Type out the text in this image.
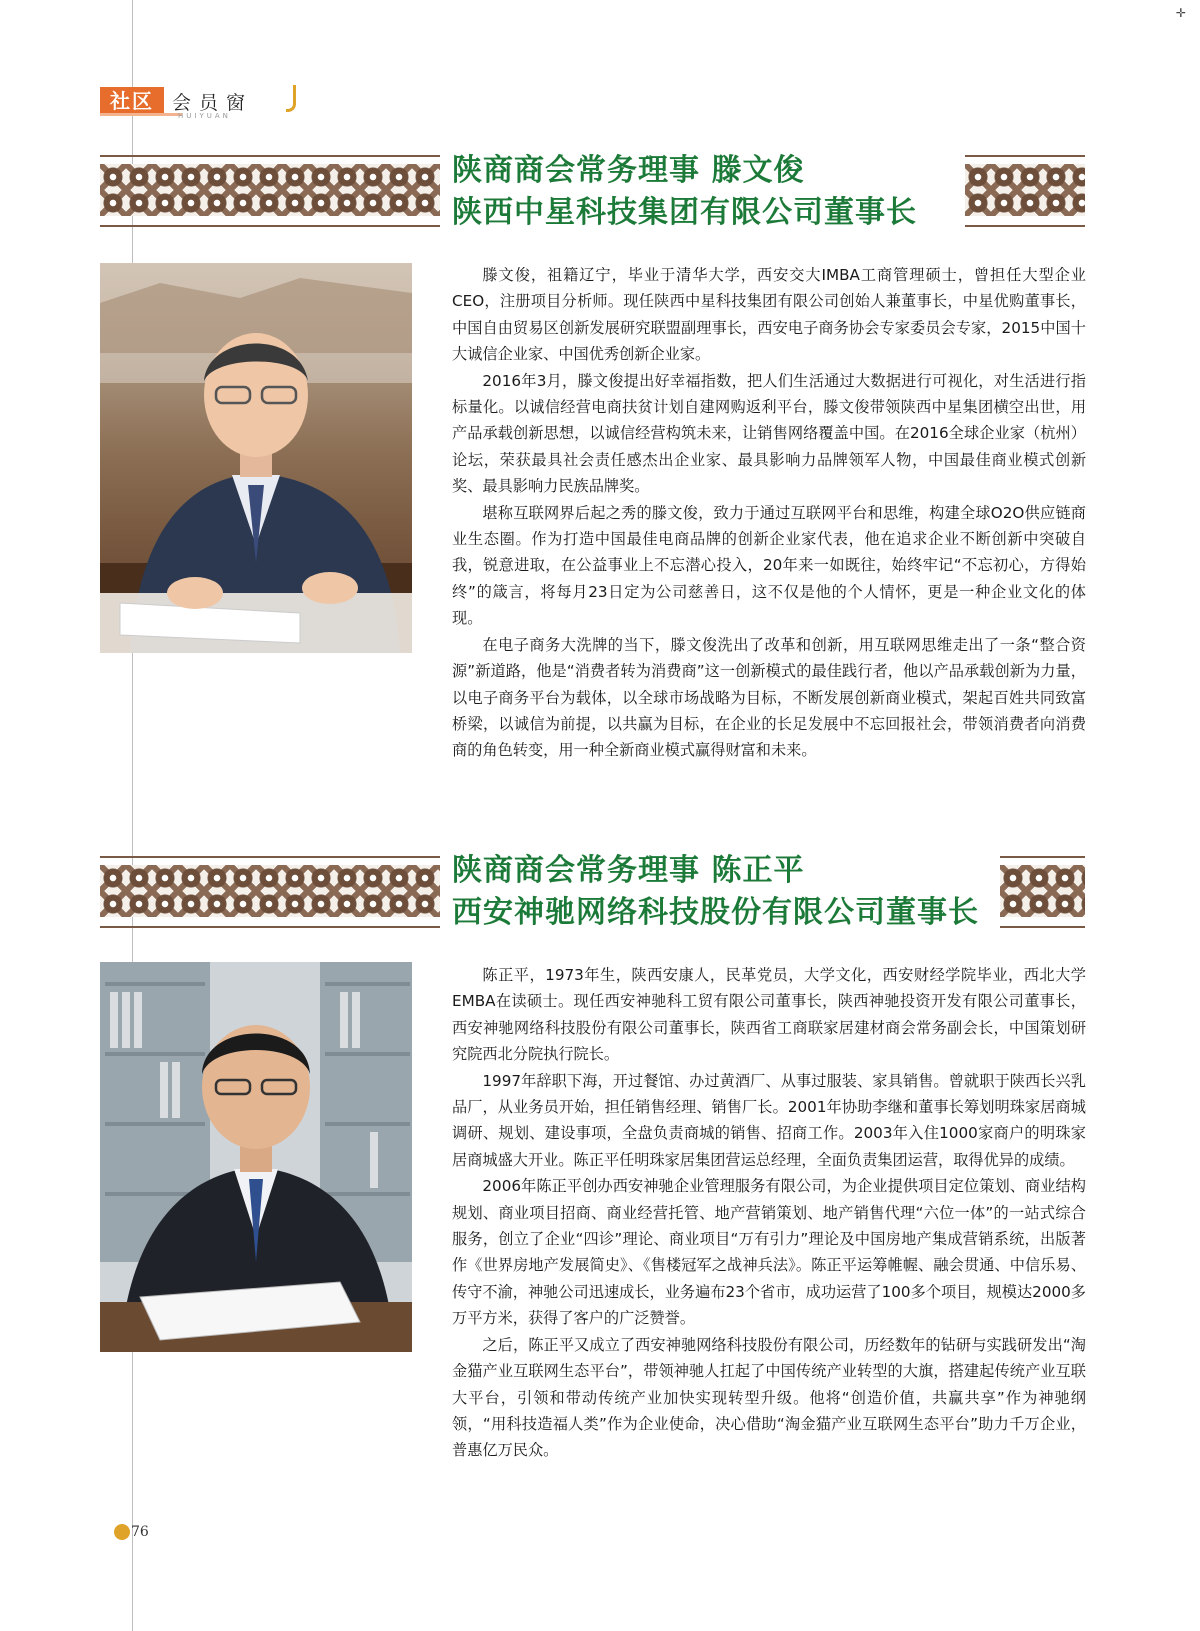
✛
社区 会员窗
HUIYUAN
陕商商会常务理事 滕文俊
陕西中星科技集团有限公司董事长

滕文俊，祖籍辽宁，毕业于清华大学，西安交大IMBA工商管理硕士，曾担任大型企业CEO，注册项目分析师。现任陕西中星科技集团有限公司创始人兼董事长，中星优购董事长，中国自由贸易区创新发展研究联盟副理事长，西安电子商务协会专家委员会专家，2015中国十大诚信企业家、中国优秀创新企业家。

2016年3月，滕文俊提出好幸福指数，把人们生活通过大数据进行可视化，对生活进行指标量化。以诚信经营电商扶贫计划自建网购返利平台，滕文俊带领陕西中星集团横空出世，用产品承载创新思想，以诚信经营构筑未来，让销售网络覆盖中国。在2016全球企业家（杭州）论坛，荣获最具社会责任感杰出企业家、最具影响力品牌领军人物，中国最佳商业模式创新奖、最具影响力民族品牌奖。

堪称互联网界后起之秀的滕文俊，致力于通过互联网平台和思维，构建全球O2O供应链商业生态圈。作为打造中国最佳电商品牌的创新企业家代表，他在追求企业不断创新中突破自我，锐意进取，在公益事业上不忘潜心投入，20年来一如既往，始终牢记“不忘初心，方得始终”的箴言，将每月23日定为公司慈善日，这不仅是他的个人情怀，更是一种企业文化的体现。

在电子商务大洗牌的当下，滕文俊洗出了改革和创新，用互联网思维走出了一条“整合资源”新道路，他是“消费者转为消费商”这一创新模式的最佳践行者，他以产品承载创新为力量，以电子商务平台为载体，以全球市场战略为目标，不断发展创新商业模式，架起百姓共同致富桥梁，以诚信为前提，以共赢为目标，在企业的长足发展中不忘回报社会，带领消费者向消费商的角色转变，用一种全新商业模式赢得财富和未来。

陕商商会常务理事 陈正平
西安神驰网络科技股份有限公司董事长

陈正平，1973年生，陕西安康人，民革党员，大学文化，西安财经学院毕业，西北大学EMBA在读硕士。现任西安神驰科工贸有限公司董事长，陕西神驰投资开发有限公司董事长，西安神驰网络科技股份有限公司董事长，陕西省工商联家居建材商会常务副会长，中国策划研究院西北分院执行院长。

1997年辞职下海，开过餐馆、办过黄酒厂、从事过服装、家具销售。曾就职于陕西长兴乳品厂，从业务员开始，担任销售经理、销售厂长。2001年协助李继和董事长筹划明珠家居商城调研、规划、建设事项，全盘负责商城的销售、招商工作。2003年入住1000家商户的明珠家居商城盛大开业。陈正平任明珠家居集团营运总经理，全面负责集团运营，取得优异的成绩。

2006年陈正平创办西安神驰企业管理服务有限公司，为企业提供项目定位策划、商业结构规划、商业项目招商、商业经营托管、地产营销策划、地产销售代理“六位一体”的一站式综合服务，创立了企业“四诊”理论、商业项目“万有引力”理论及中国房地产集成营销系统，出版著作《世界房地产发展简史》、《售楼冠军之战神兵法》。陈正平运筹帷幄、融会贯通、中信乐易、传守不渝，神驰公司迅速成长，业务遍布23个省市，成功运营了100多个项目，规模达2000多万平方米，获得了客户的广泛赞誉。

之后，陈正平又成立了西安神驰网络科技股份有限公司，历经数年的钻研与实践研发出“淘金猫产业互联网生态平台”，带领神驰人扛起了中国传统产业转型的大旗，搭建起传统产业互联大平台，引领和带动传统产业加快实现转型升级。他将“创造价值，共赢共享”作为神驰纲领，“用科技造福人类”作为企业使命，决心借助“淘金猫产业互联网生态平台”助力千万企业，普惠亿万民众。

76
